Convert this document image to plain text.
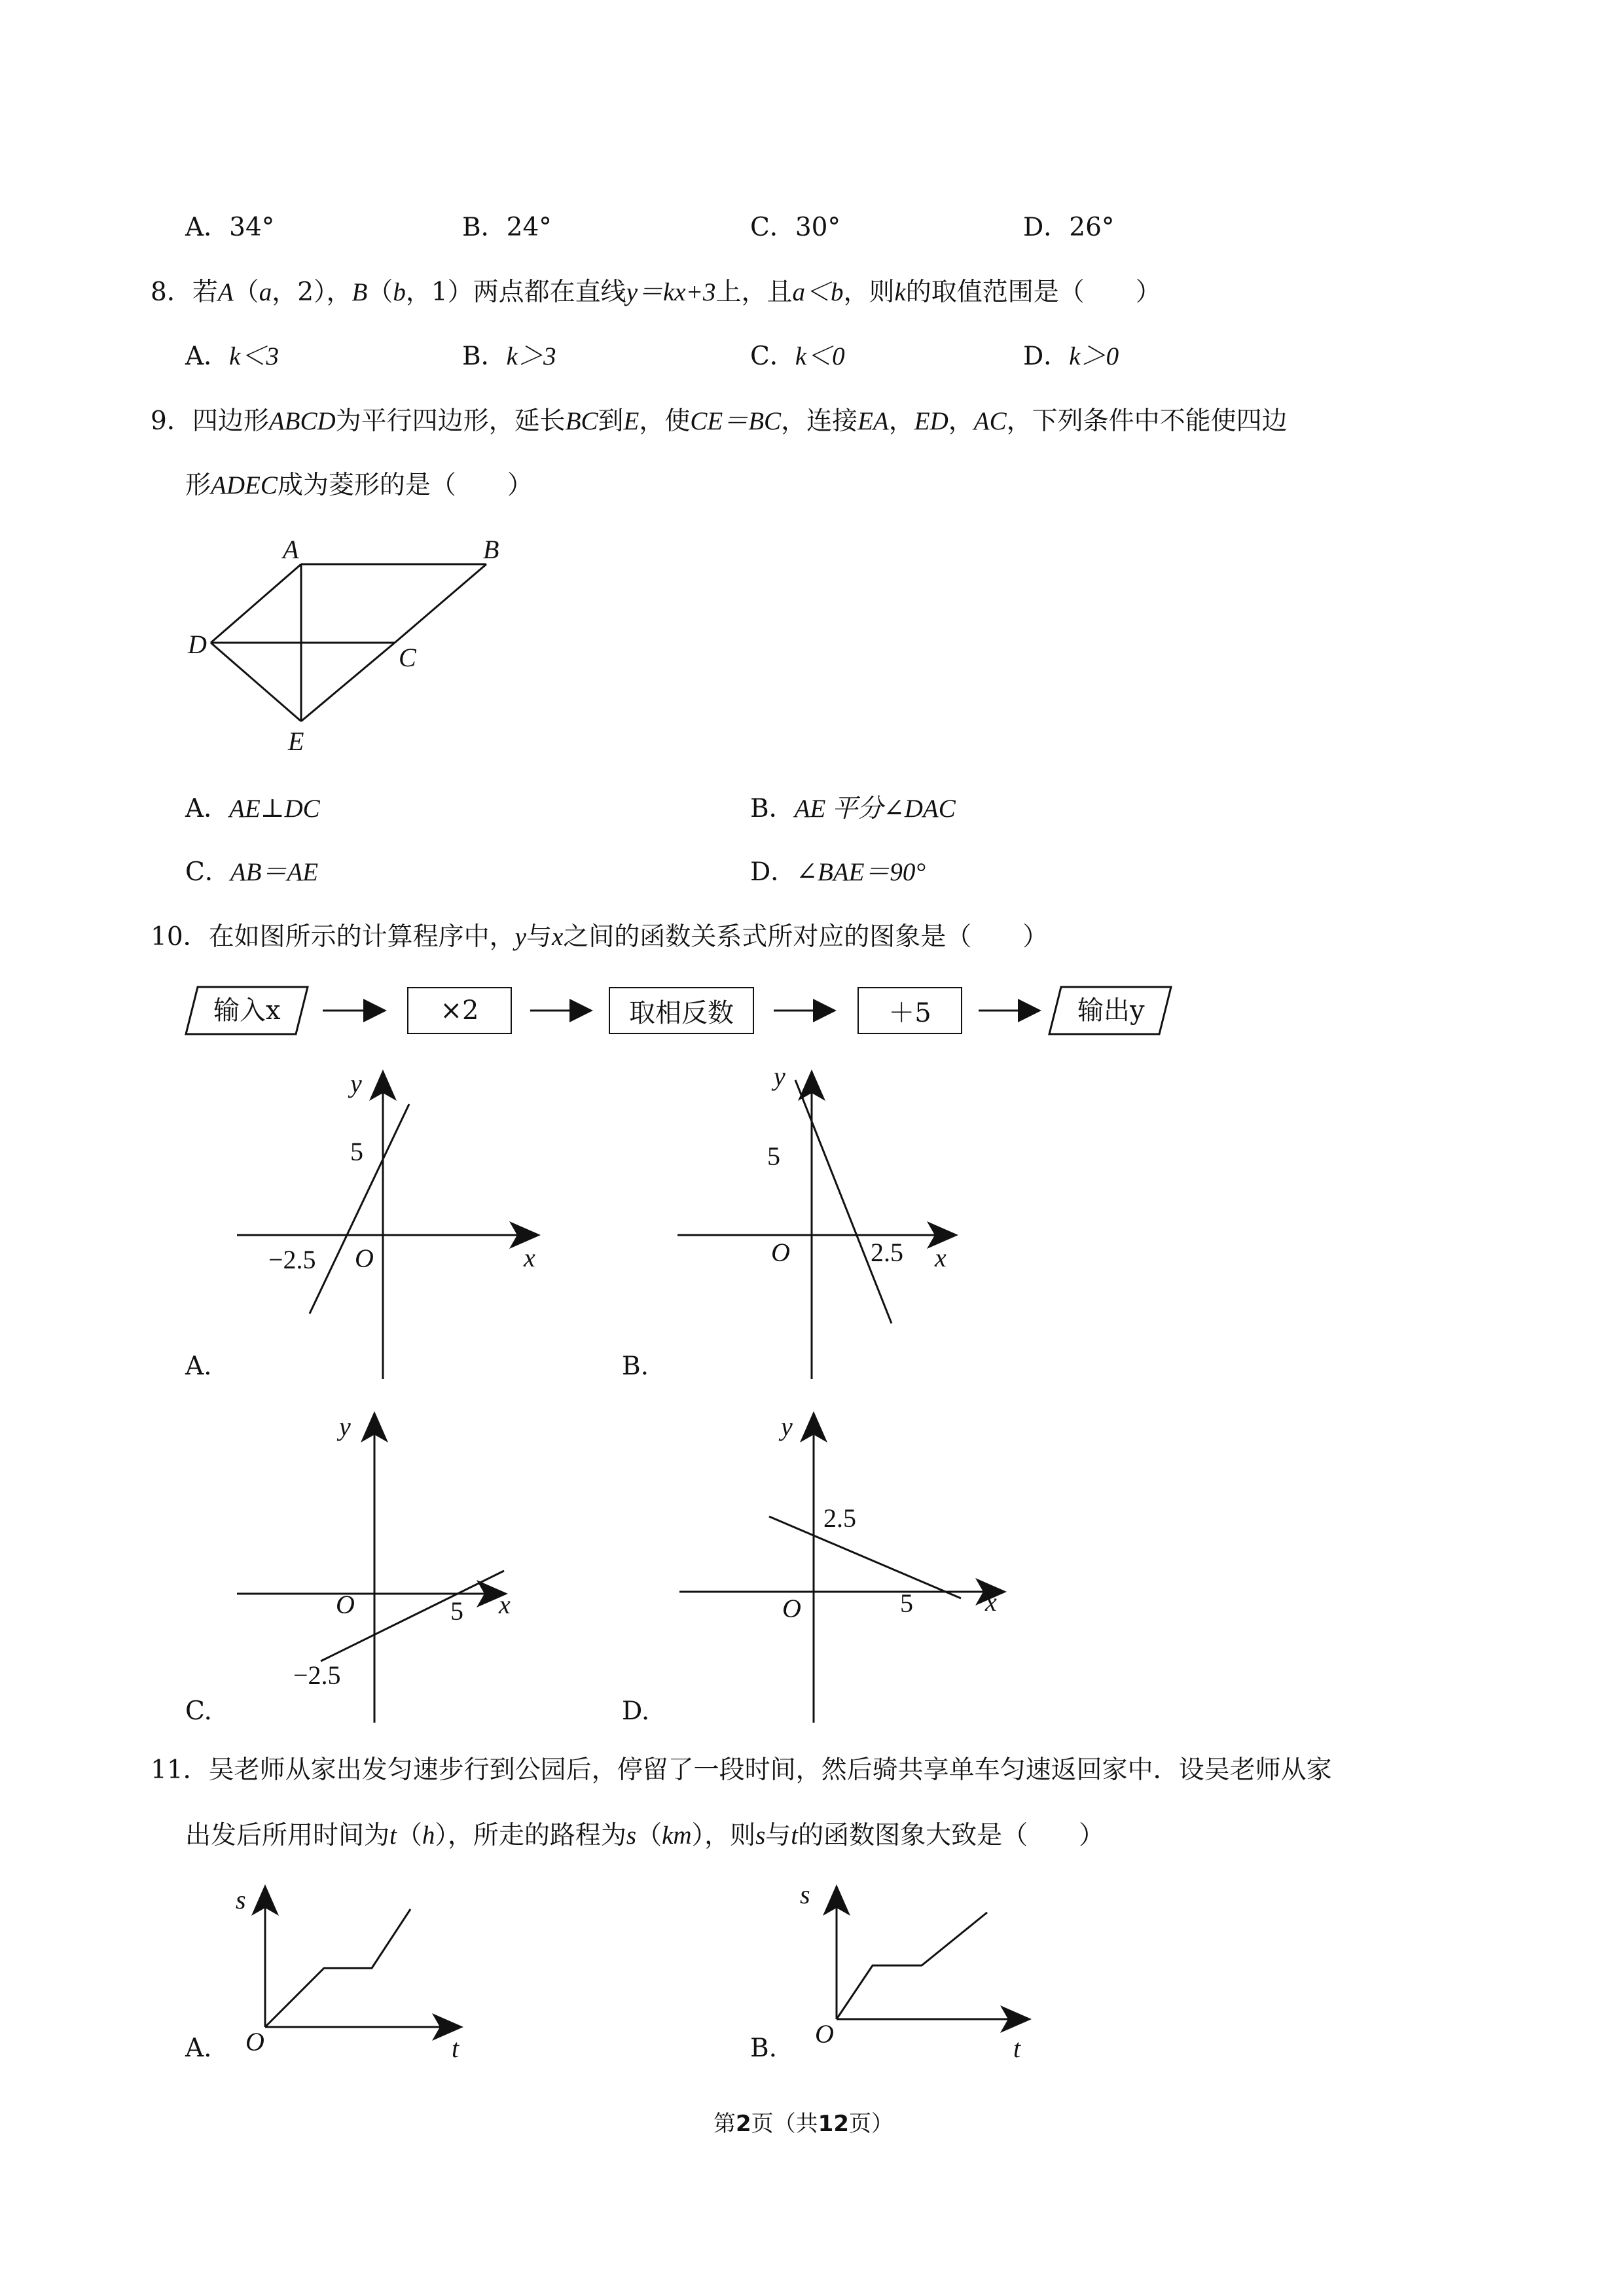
A．34°	B．24°	C．30°	D．26°
8．若A（a，2），B（b，1）两点都在直线y＝kx+3上，且a＜b，则k的取值范围是（　　）
A．k＜3	B．k＞3	C．k＜0	D．k＞0
9．四边形ABCD为平行四边形，延长BC到E，使CE＝BC，连接EA，ED，AC，下列条件中不能使四边
形ADEC成为菱形的是（　　）
A	B
D	C
E
A．AE⊥DC	B．AE 平分∠DAC
C．AB＝AE	D．∠BAE＝90°
10．在如图所示的计算程序中，y与x之间的函数关系式所对应的图象是（　　）
输入x	×2	取相反数	＋5	输出y
y
5
−2.5 O	x
A.
y
5
2.5
O	x
B.
y
5
O	x
−2.5
C.
y
2.5
O	5	x
D.
11．吴老师从家出发匀速步行到公园后，停留了一段时间，然后骑共享单车匀速返回家中．设吴老师从家
出发后所用时间为t（h），所走的路程为s（km），则s与t的函数图象大致是（　　）
s
O	t
A.
s
O	t
B.
第2页（共12页）
